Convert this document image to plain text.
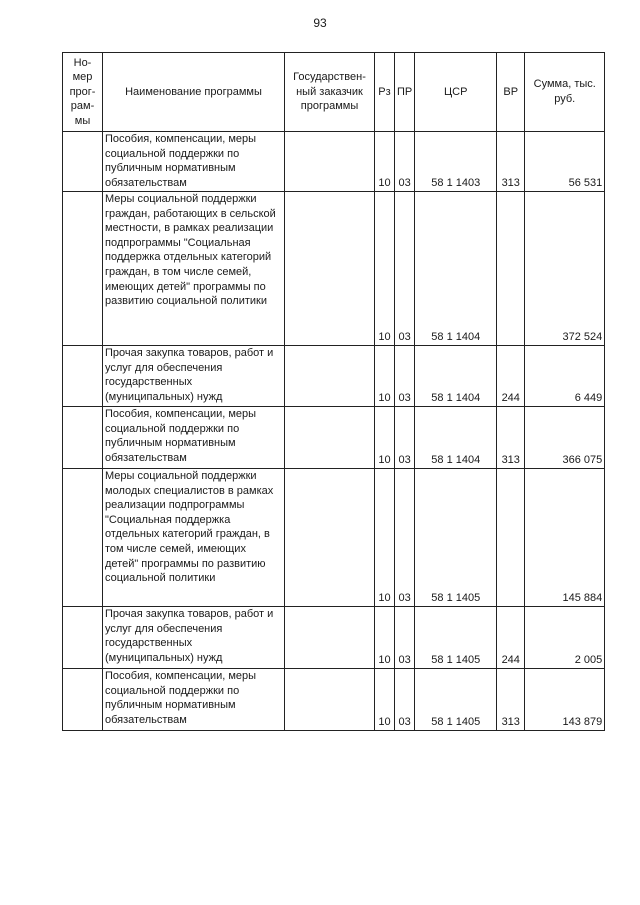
93
Но-мер прог-рам-мы	Наименование программы	Государствен-ный заказчик программы	Рз	ПР	ЦСР	ВР	Сумма, тыс. руб.
	Пособия, компенсации, меры социальной поддержки по публичным нормативным обязательствам		10	03	58 1 1403	313	56 531
	Меры социальной поддержки граждан, работающих в сельской местности, в рамках реализации подпрограммы "Социальная поддержка отдельных категорий граждан, в том числе семей, имеющих детей" программы по развитию социальной политики		10	03	58 1 1404		372 524
	Прочая закупка товаров, работ и услуг для обеспечения государственных (муниципальных) нужд		10	03	58 1 1404	244	6 449
	Пособия, компенсации, меры социальной поддержки по публичным нормативным обязательствам		10	03	58 1 1404	313	366 075
	Меры социальной поддержки молодых специалистов в рамках реализации подпрограммы "Социальная поддержка отдельных категорий граждан, в том числе семей, имеющих детей" программы по развитию социальной политики		10	03	58 1 1405		145 884
	Прочая закупка товаров, работ и услуг для обеспечения государственных (муниципальных) нужд		10	03	58 1 1405	244	2 005
	Пособия, компенсации, меры социальной поддержки по публичным нормативным обязательствам		10	03	58 1 1405	313	143 879
